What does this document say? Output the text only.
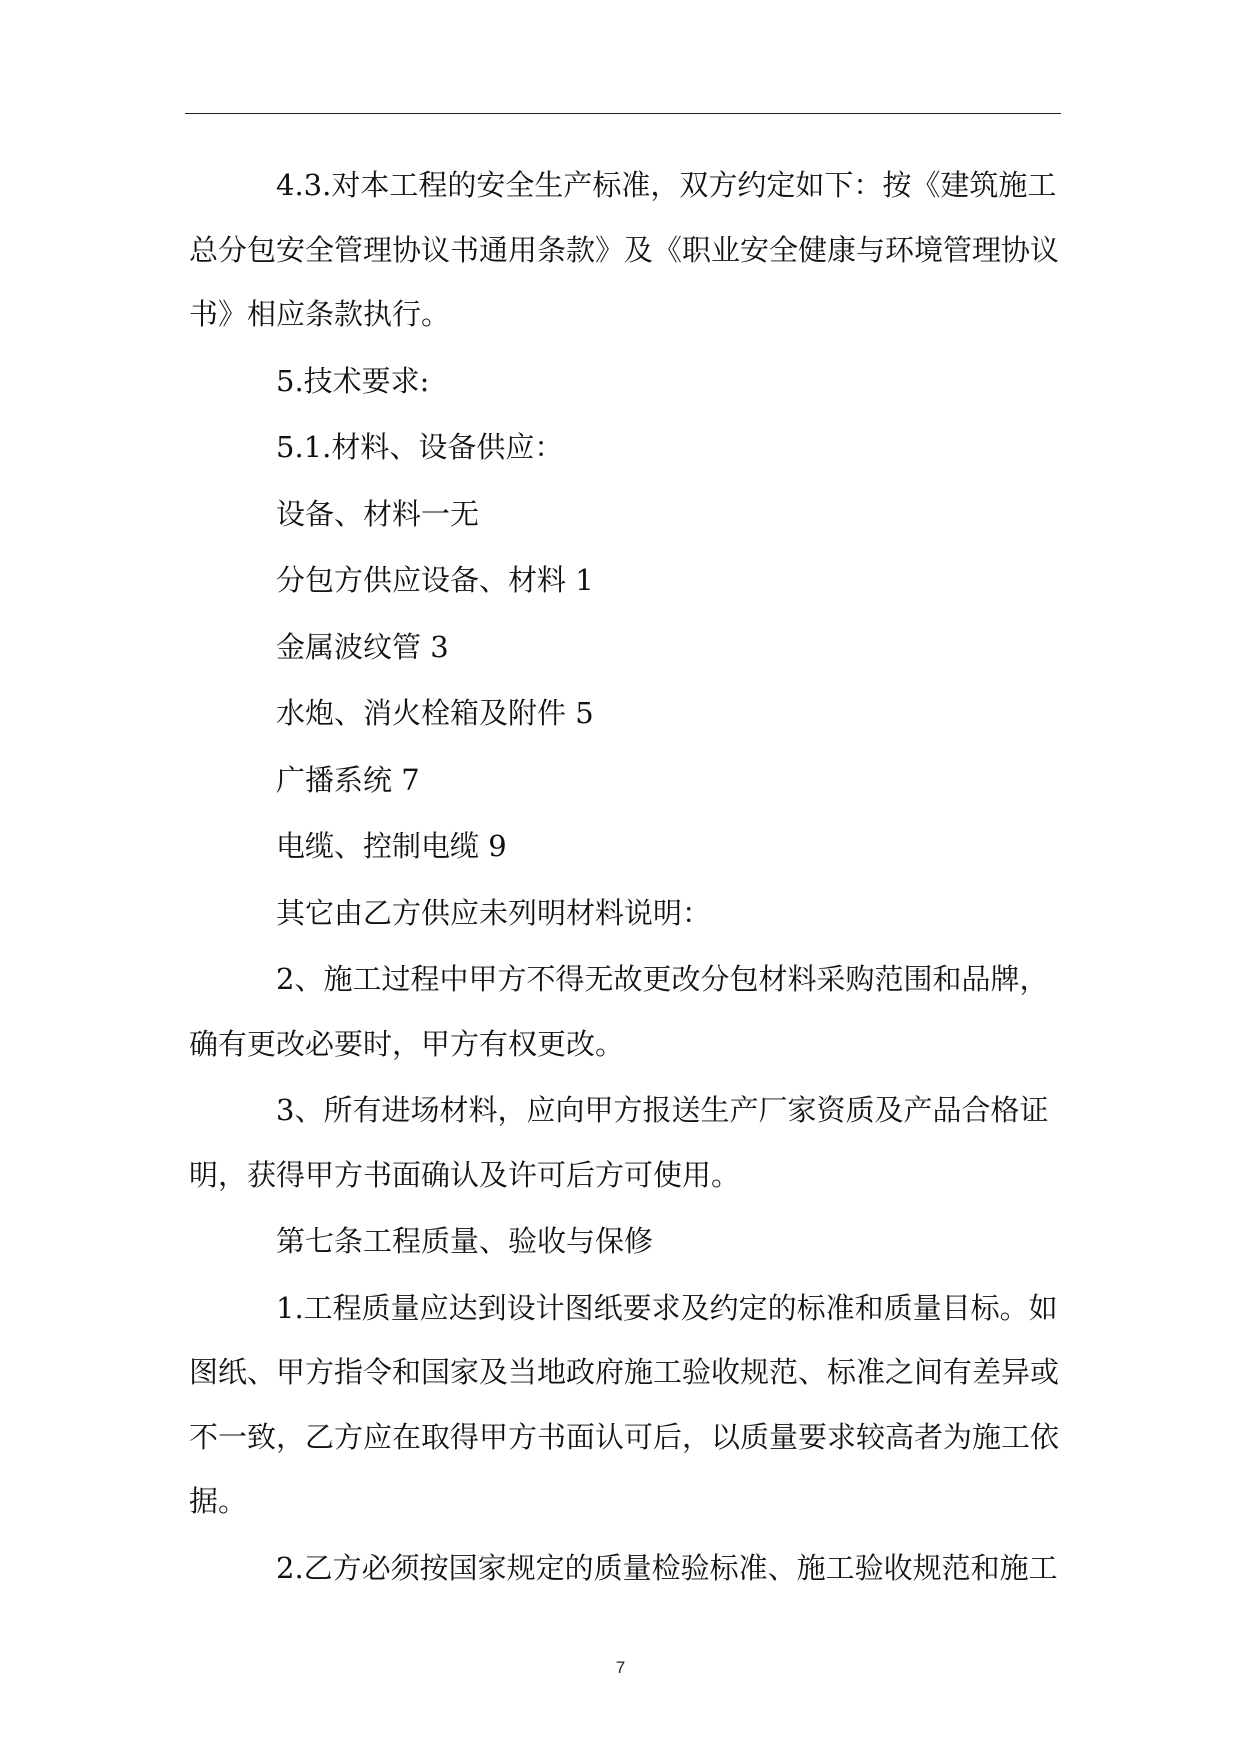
4.3.对本工程的安全生产标准，双方约定如下：按《建筑施工

总分包安全管理协议书通用条款》及《职业安全健康与环境管理协议

书》相应条款执行。

5.技术要求:

5.1.材料、设备供应：

设备、材料一无

分包方供应设备、材料 1

金属波纹管 3

水炮、消火栓箱及附件 5

广播系统 7

电缆、控制电缆 9

其它由乙方供应未列明材料说明：

2、施工过程中甲方不得无故更改分包材料采购范围和品牌，

确有更改必要时，甲方有权更改。

3、所有进场材料，应向甲方报送生产厂家资质及产品合格证

明，获得甲方书面确认及许可后方可使用。

第七条工程质量、验收与保修

1.工程质量应达到设计图纸要求及约定的标准和质量目标。如

图纸、甲方指令和国家及当地政府施工验收规范、标准之间有差异或

不一致，乙方应在取得甲方书面认可后，以质量要求较高者为施工依

据。

2.乙方必须按国家规定的质量检验标准、施工验收规范和施工

7
